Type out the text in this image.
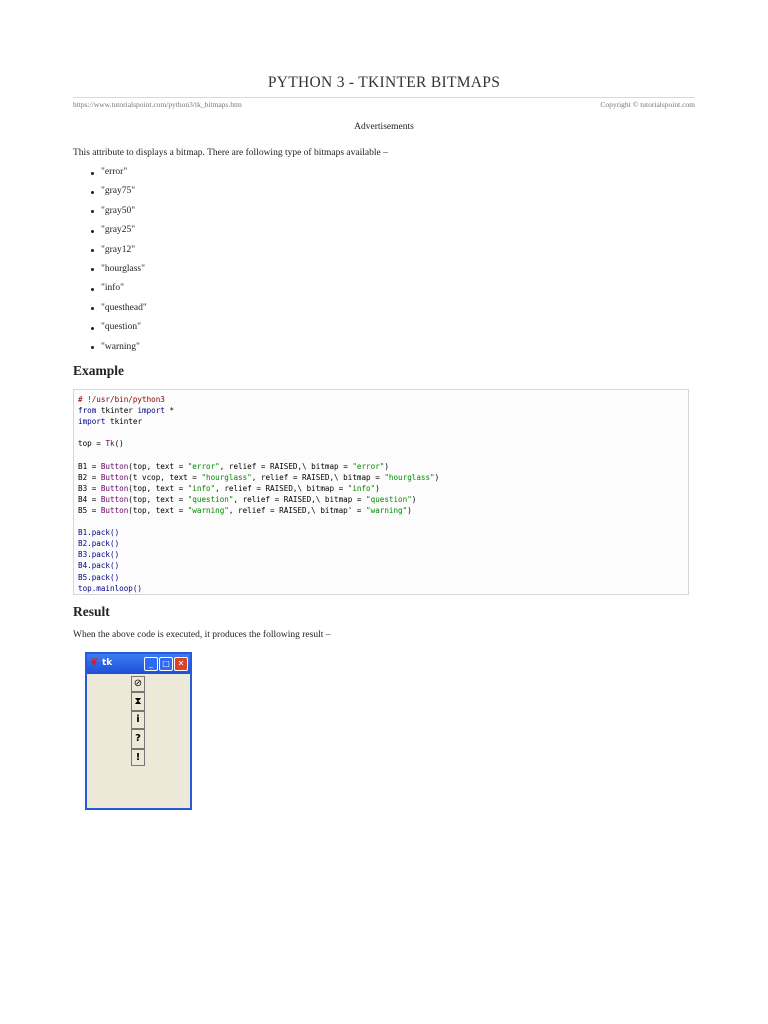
PYTHON 3 - TKINTER BITMAPS
https://www.tutorialspoint.com/python3/tk_bitmaps.htm	Copyright © tutorialspoint.com
Advertisements
This attribute to displays a bitmap. There are following type of bitmaps available –
"error"
"gray75"
"gray50"
"gray25"
"gray12"
"hourglass"
"info"
"questhead"
"question"
"warning"
Example
# !/usr/bin/python3
from tkinter import *
import tkinter

top = Tk()

B1 = Button(top, text = "error", relief = RAISED,\ bitmap = "error")
B2 = Button(t vcop, text = "hourglass", relief = RAISED,\ bitmap = "hourglass")
B3 = Button(top, text = "info", relief = RAISED,\ bitmap = "info")
B4 = Button(top, text = "question", relief = RAISED,\ bitmap = "question")
B5 = Button(top, text = "warning", relief = RAISED,\ bitmap' = "warning")

B1.pack()
B2.pack()
B3.pack()
B4.pack()
B5.pack()
top.mainloop()
Result
When the above code is executed, it produces the following result –
❦ tk	_	□ ✕
⊘
⧗
i
?
!
